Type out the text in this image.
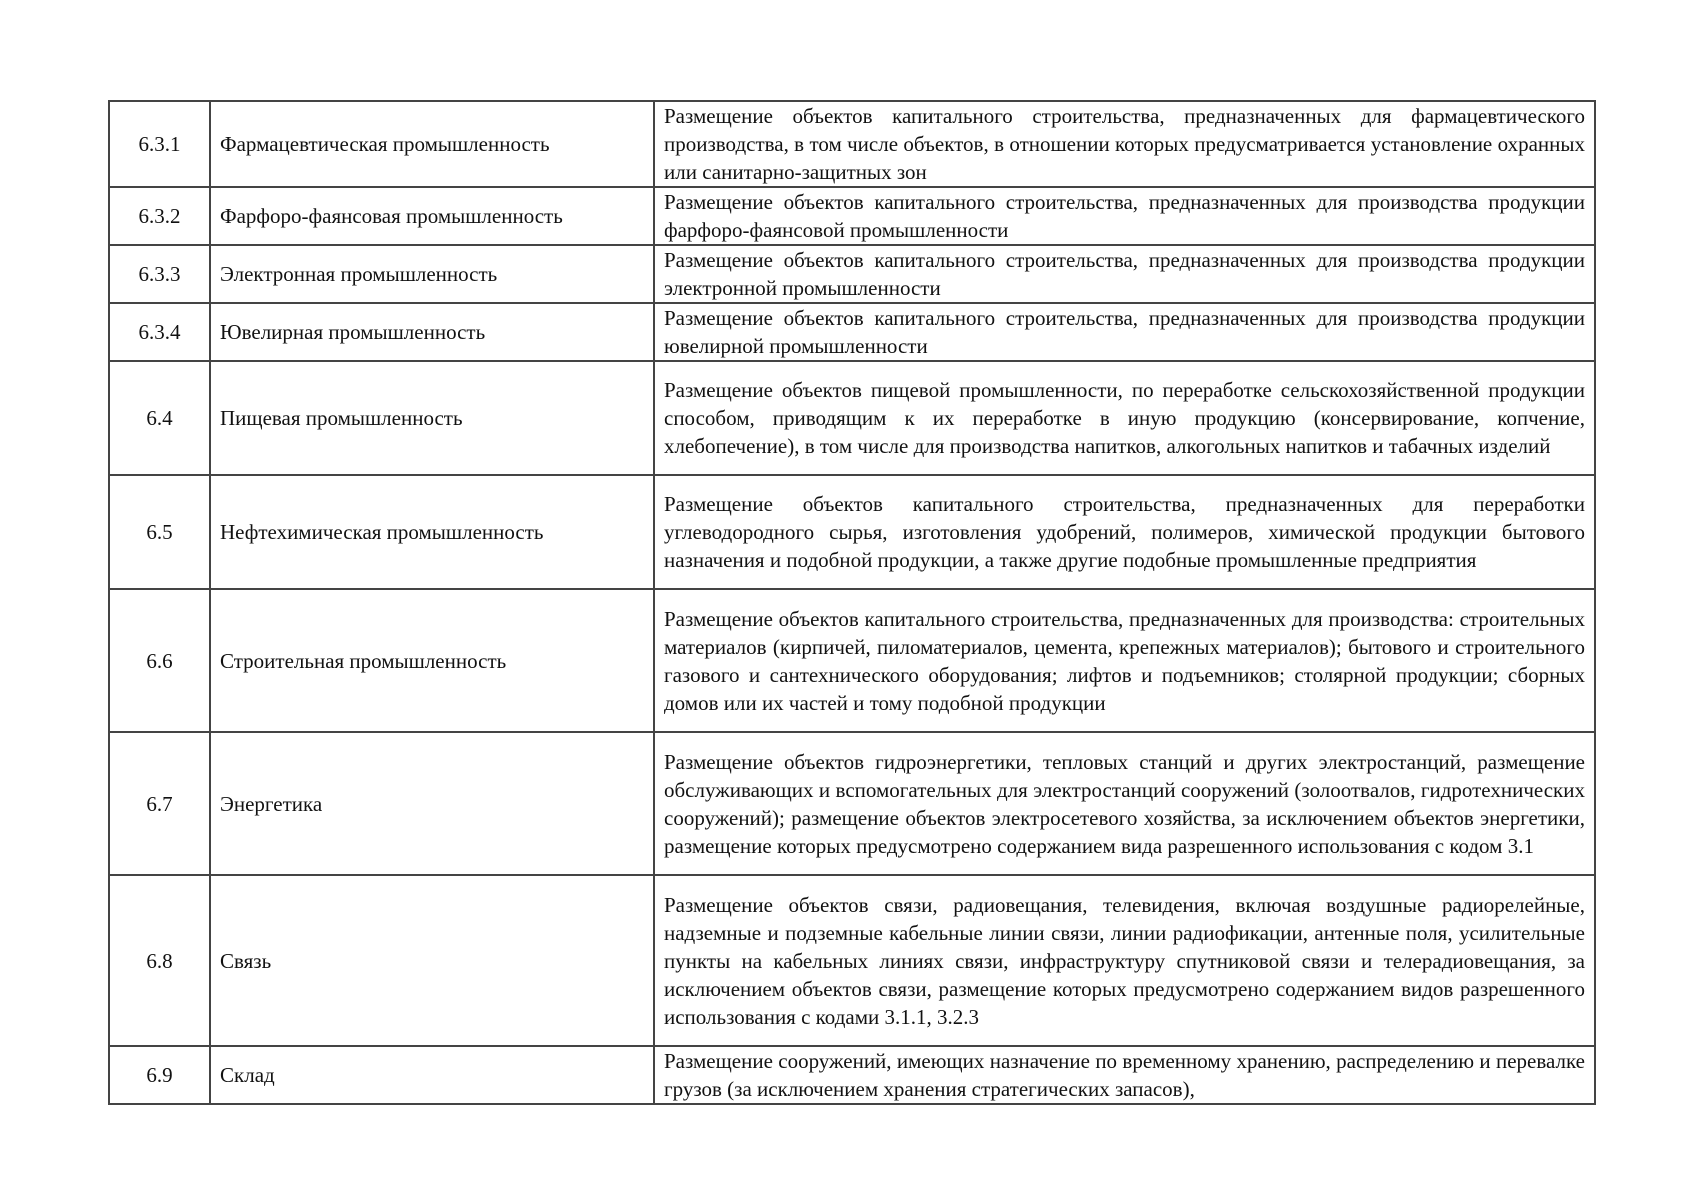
6.3.1	Фармацевтическая промышленность	Размещение объектов капитального строительства, предназначенных для фармацевтического производства, в том числе объектов, в отношении которых предусматривается установление охранных или санитарно-защитных зон
6.3.2	Фарфоро-фаянсовая промышленность	Размещение объектов капитального строительства, предназначенных для производства продукции фарфоро-фаянсовой промышленности
6.3.3	Электронная промышленность	Размещение объектов капитального строительства, предназначенных для производства продукции электронной промышленности
6.3.4	Ювелирная промышленность	Размещение объектов капитального строительства, предназначенных для производства продукции ювелирной промышленности
6.4	Пищевая промышленность	Размещение объектов пищевой промышленности, по переработке сельскохозяйственной продукции способом, приводящим к их переработке в иную продукцию (консервирование, копчение, хлебопечение), в том числе для производства напитков, алкогольных напитков и табачных изделий
6.5	Нефтехимическая промышленность	Размещение объектов капитального строительства, предназначенных для переработки углеводородного сырья, изготовления удобрений, полимеров, химической продукции бытового назначения и подобной продукции, а также другие подобные промышленные предприятия
6.6	Строительная промышленность	Размещение объектов капитального строительства, предназначенных для производства: строительных материалов (кирпичей, пиломатериалов, цемента, крепежных материалов); бытового и строительного газового и сантехнического оборудования; лифтов и подъемников; столярной продукции; сборных домов или их частей и тому подобной продукции
6.7	Энергетика	Размещение объектов гидроэнергетики, тепловых станций и других электростанций, размещение обслуживающих и вспомогательных для электростанций сооружений (золоотвалов, гидротехнических сооружений); размещение объектов электросетевого хозяйства, за исключением объектов энергетики, размещение которых предусмотрено содержанием вида разрешенного использования с кодом 3.1
6.8	Связь	Размещение объектов связи, радиовещания, телевидения, включая воздушные радиорелейные, надземные и подземные кабельные линии связи, линии радиофикации, антенные поля, усилительные пункты на кабельных линиях связи, инфраструктуру спутниковой связи и телерадиовещания, за исключением объектов связи, размещение которых предусмотрено содержанием видов разрешенного использования с кодами 3.1.1, 3.2.3
6.9	Склад	Размещение сооружений, имеющих назначение по временному хранению, распределению и перевалке грузов (за исключением хранения стратегических запасов),
